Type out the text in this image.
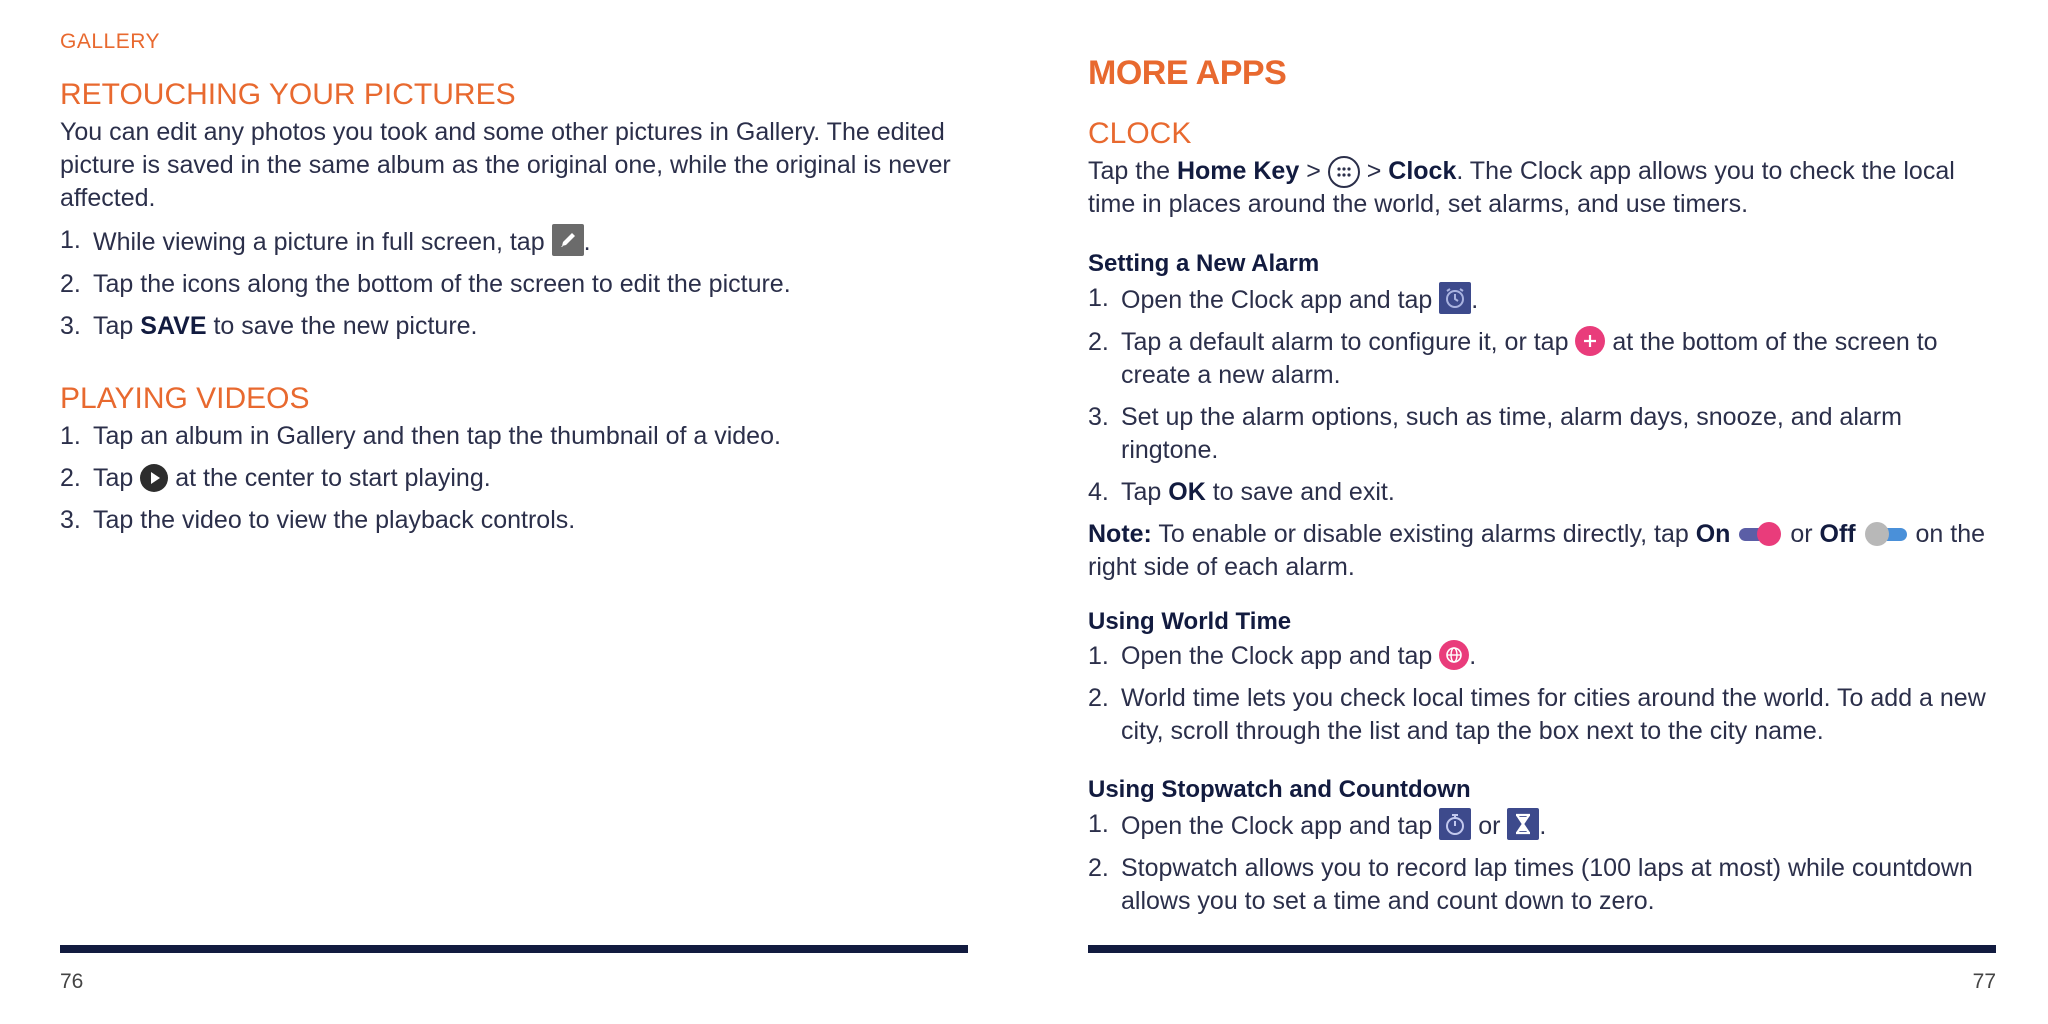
GALLERY
RETOUCHING YOUR PICTURES

You can edit any photos you took and some other pictures in Gallery. The edited picture is saved in the same album as the original one, while the original is never affected.

1. While viewing a picture in full screen, tap .
2. Tap the icons along the bottom of the screen to edit the picture.
3. Tap SAVE to save the new picture.
PLAYING VIDEOS
1. Tap an album in Gallery and then tap the thumbnail of a video.
2. Tap at the center to start playing.
3. Tap the video to view the playback controls.
76
MORE APPS
CLOCK

Tap the Home Key > > Clock. The Clock app allows you to check the local time in places around the world, set alarms, and use timers.

Setting a New Alarm
1. Open the Clock app and tap .
2. Tap a default alarm to configure it, or tap at the bottom of the screen to create a new alarm.
3. Set up the alarm options, such as time, alarm days, snooze, and alarm ringtone.
4. Tap OK to save and exit.

Note: To enable or disable existing alarms directly, tap On or Off on the right side of each alarm.

Using World Time
1. Open the Clock app and tap .
2. World time lets you check local times for cities around the world. To add a new city, scroll through the list and tap the box next to the city name.
Using Stopwatch and Countdown
1. Open the Clock app and tap or .
2. Stopwatch allows you to record lap times (100 laps at most) while countdown allows you to set a time and count down to zero.
77
